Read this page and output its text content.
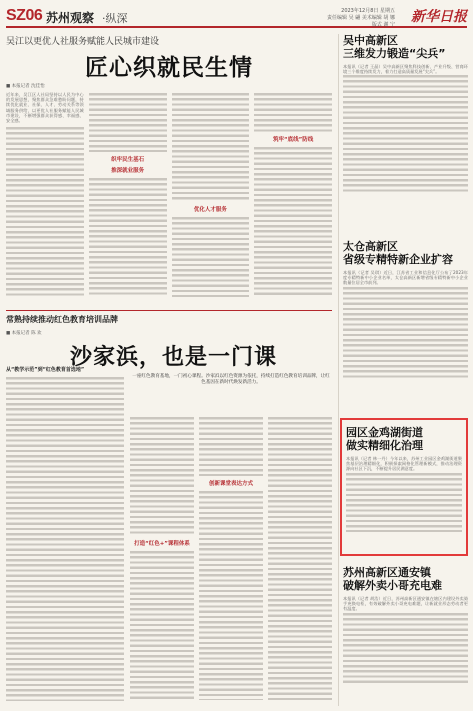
SZ06 苏州观察 ·纵深
2023年12月8日 星期五
责任编辑 吴 翩 美术编辑 胡 娜
版式 谢 宁 新华日报
吴江以更优人社服务赋能人民城市建设
匠心织就民生情
■ 本报记者 沈佳怡
近年来，吴江区人社局坚持以人民为中心的发展思想，聚焦群众急难愁盼问题，持续优化就业、社保、人才、劳动关系等领域服务供给，以更优人社服务赋能人民城市建设，不断增强群众获得感、幸福感、安全感。
织牢民生基石
推深就业服务
优化人才服务
筑牢“底线”防线
常熟持续推动红色教育培训品牌
■ 本报记者 陈 欢
沙家浜，也是一门课
从“教学示范”到“红色教育首选地”
一座红色教育基地，一门初心课程。沙家浜以红色资源为依托，持续打造红色教育培训品牌，让红色基因在新时代焕发新活力。
打造“红色+”课程体系
创新课堂表达方式
吴中高新区
三维发力锻造“尖兵”
本报讯（记者 王晶）吴中高新区聚焦科技创新、产业升级、营商环境三个维度持续发力，着力打造高质量发展“尖兵”。
太仓高新区
省级专精特新企业扩容
本报讯（记者 吴琪）近日，江苏省工业和信息化厅公布了2023年度专精特新中小企业名单，太仓高新区新增省级专精特新中小企业数量位居全市前列。
园区金鸡湖街道
做实精细化治理
本报讯（记者 林一丹）今年以来，苏州工业园区金鸡湖街道聚焦基层治理精细化，积极探索网格化管理新模式，推动治理资源向社区下沉，不断提升居民满意度。
苏州高新区通安镇
破解外卖小哥充电难
本报讯（记者 胡浩）近日，苏州高新区通安镇在辖区内建设外卖骑手充换电柜，有效破解外卖小哥充电难题，让新就业形态劳动者更有温度。
